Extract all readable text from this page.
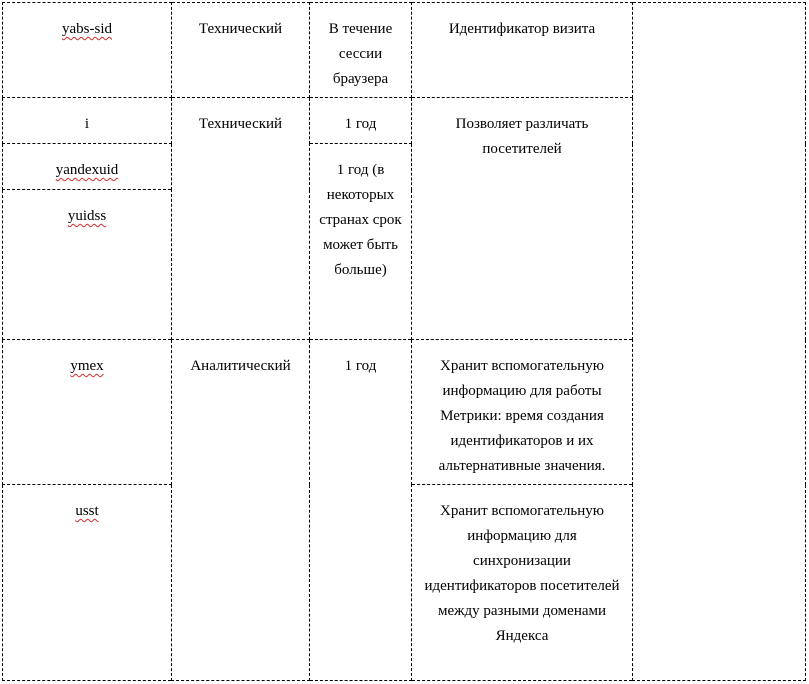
yabs-sid	Технический	В течение сессии браузера	Идентификатор визита	
i	Технический	1 год	Позволяет различать посетителей	
yandexuid		1 год (в некоторых странах срок может быть больше)		
yuidss				
ymex	Аналитический	1 год	Хранит вспомогательную информацию для работы Метрики: время создания идентификаторов и их альтернативные значения.	
usst			Хранит вспомогательную информацию для синхронизации идентификаторов посетителей между разными доменами Яндекса	
